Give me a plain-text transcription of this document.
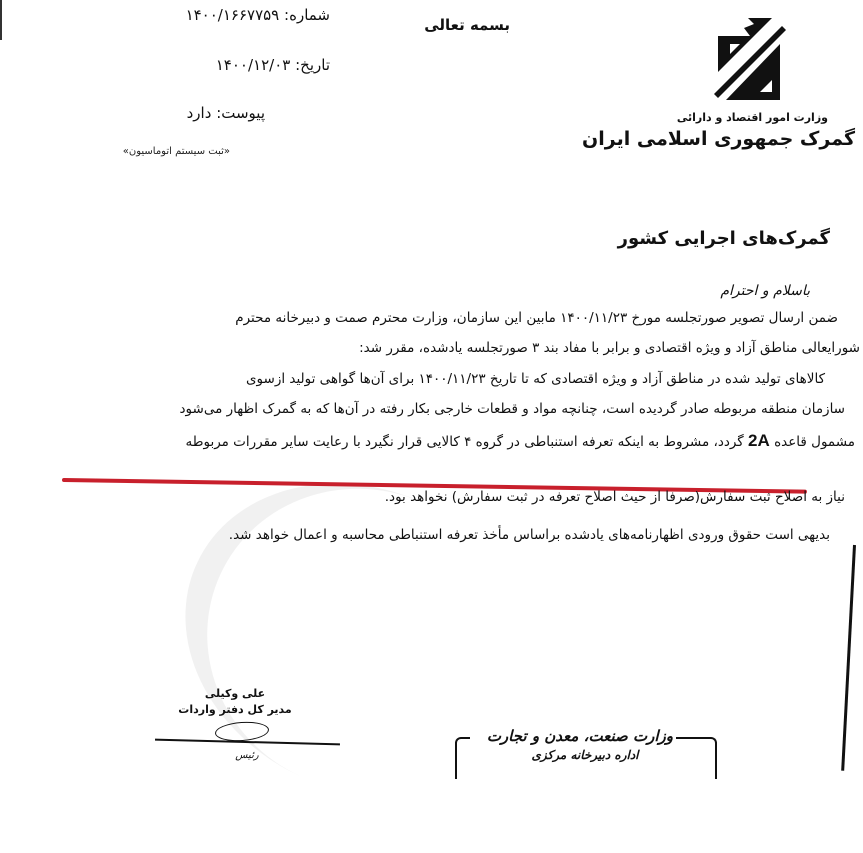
شماره: ۱۴۰۰/۱۶۶۷۷۵۹
تاریخ: ۱۴۰۰/۱۲/۰۳
پیوست: دارد
«ثبت سیستم اتوماسیون»
بسمه تعالی
وزارت امور اقتصاد و دارائی
گمرک جمهوری اسلامی ایران
گمرک‌های اجرایی کشور
باسلام و احترام
ضمن ارسال تصویر صورتجلسه مورخ ۱۴۰۰/۱۱/۲۳ مابین این سازمان، وزارت محترم صمت و دبیرخانه محترم
شورایعالی مناطق آزاد و ویژه اقتصادی و برابر با مفاد بند ۳ صورتجلسه یادشده، مقرر شد:
کالاهای تولید شده در مناطق آزاد و ویژه اقتصادی که تا تاریخ ۱۴۰۰/۱۱/۲۳ برای آن‌ها گواهی تولید ازسوی
سازمان منطقه مربوطه صادر گردیده است، چنانچه مواد و قطعات خارجی بکار رفته در آن‌ها که به گمرک اظهار می‌شود
مشمول قاعده 2A گردد، مشروط به اینکه تعرفه استنباطی در گروه ۴ کالایی قرار نگیرد با رعایت سایر مقررات مربوطه
نیاز به اصلاح ثبت سفارش(صرفا از حیث اصلاح تعرفه در ثبت سفارش) نخواهد بود.
بدیهی است حقوق ورودی اظهارنامه‌های یادشده براساس مأخذ تعرفه استنباطی محاسبه و اعمال خواهد شد.
علی وکیلی
مدیر کل دفتر واردات
رئیس
وزارت صنعت، معدن و تجارت
اداره دبیرخانه مرکزی
